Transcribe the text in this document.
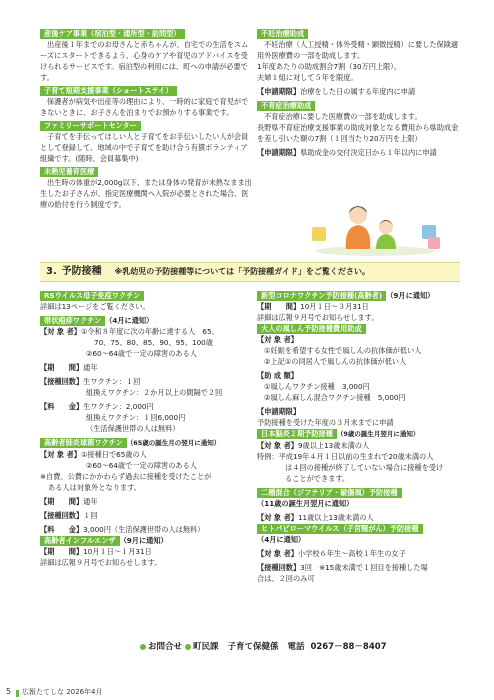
産後ケア事業（宿泊型・通所型・訪問型）

出産後１年までのお母さんと赤ちゃんが、自宅での生活をスムーズにスタートできるよう、心身のケアや育児のアドバイスを受けられるサービスです。宿泊型の利用には、町への申請が必要です。

子育て短期支援事業（ショートステイ）

保護者が病気や出産等の理由により、一時的に家庭で育児ができないときに、お子さんを泊まりでお預かりする事業です。

ファミリーサポートセンター

子育てを手伝ってほしい人と子育てをお手伝いしたい人が会員として登録して、地域の中で子育てを助け合う有償ボランティア組織です。(随時、会員募集中)

未熟児養育医療

出生時の体重が2,000g以下、または身体の発育が未熟なまま出生したお子さんが、指定医療機関へ入院が必要とされた場合、医療の給付を行う制度です。

不妊治療助成

不妊治療（人工授精・体外受精・顕微授精）に要した保険適用外医療費の一部を助成します。

1年度あたりの助成割合7割（30万円上限）。

夫婦１組に対して５年を限度。

【申請期限】治療をした日の属する年度内に申請

不育症治療助成

不育症治療に要した医療費の一部を助成します。

長野県不育症治療支援事業の助成対象となる費用から県助成金を差し引いた額の7割（１回当たり20万円を上限）

【申請期限】県助成金の交付決定日から１年以内に申請

3. 予防接種 ※乳幼児の予防接種等については「予防接種ガイド」をご覧ください。
RSウイルス母子免疫ワクチン

詳細は13ページをご覧ください。

帯状疱疹ワクチン （4月に通知）

【対 象 者】①令和８年度に次の年齢に達する人　65、

70、75、80、85、90、95、100歳

②60～64歳で一定の障害のある人

【期　　間】通年

【接種回数】生ワクチン：１回

組換えワクチン：２か月以上の間隔で２回

【料　　金】生ワクチン：2,000円

組換えワクチン：１回6,000円

（生活保護世帯の人は無料）

高齢者肺炎球菌ワクチン （65歳の誕生月の翌月に通知）

【対 象 者】①接種日で65歳の人

②60～64歳で一定の障害のある人

※自費、公費にかかわらず過去に接種を受けたことが

ある人は対象外となります。

【期　　間】通年

【接種回数】１回

【料　　金】3,000円（生活保護世帯の人は無料）

高齢者インフルエンザ （9月に通知）

【期　　間】10月１日～１月31日

詳細は広報９月号でお知らせします。

新型コロナワクチン予防接種(高齢者) （9月に通知）

【期　　間】10月１日～３月31日

詳細は広報９月号でお知らせします。

大人の風しん予防接種費用助成

【対 象 者】

①妊娠を希望する女性で風しんの抗体価が低い人

②上記①の同居人で風しんの抗体価が低い人

【助 成 額】

①風しんワクチン接種　3,000円

②風しん麻しん混合ワクチン接種　5,000円

【申請期限】

予防接種を受けた年度の３月末までに申請

日本脳炎２期予防接種 （9歳の誕生月翌月に通知）

【対 象 者】9歳以上13歳未満の人

特例：平成19年４月１日以前の生まれで20歳未満の人

は４回の接種が終了していない場合に接種を受け

ることができます。

二種混合（ジフテリア・破傷風）予防接種

（11歳の誕生月翌月に通知）

【対 象 者】11歳以上13歳未満の人

ヒトパピローマウイルス（子宮頸がん）予防接種

（4月に通知）

【対 象 者】小学校６年生～高校１年生の女子

【接種回数】3回　※15歳未満で１回目を接種した場

合は、２回のみ可

お問合せ 町民課 子育て保健係 電話 0267－88－8407
5 広報たてしな 2026年4月
